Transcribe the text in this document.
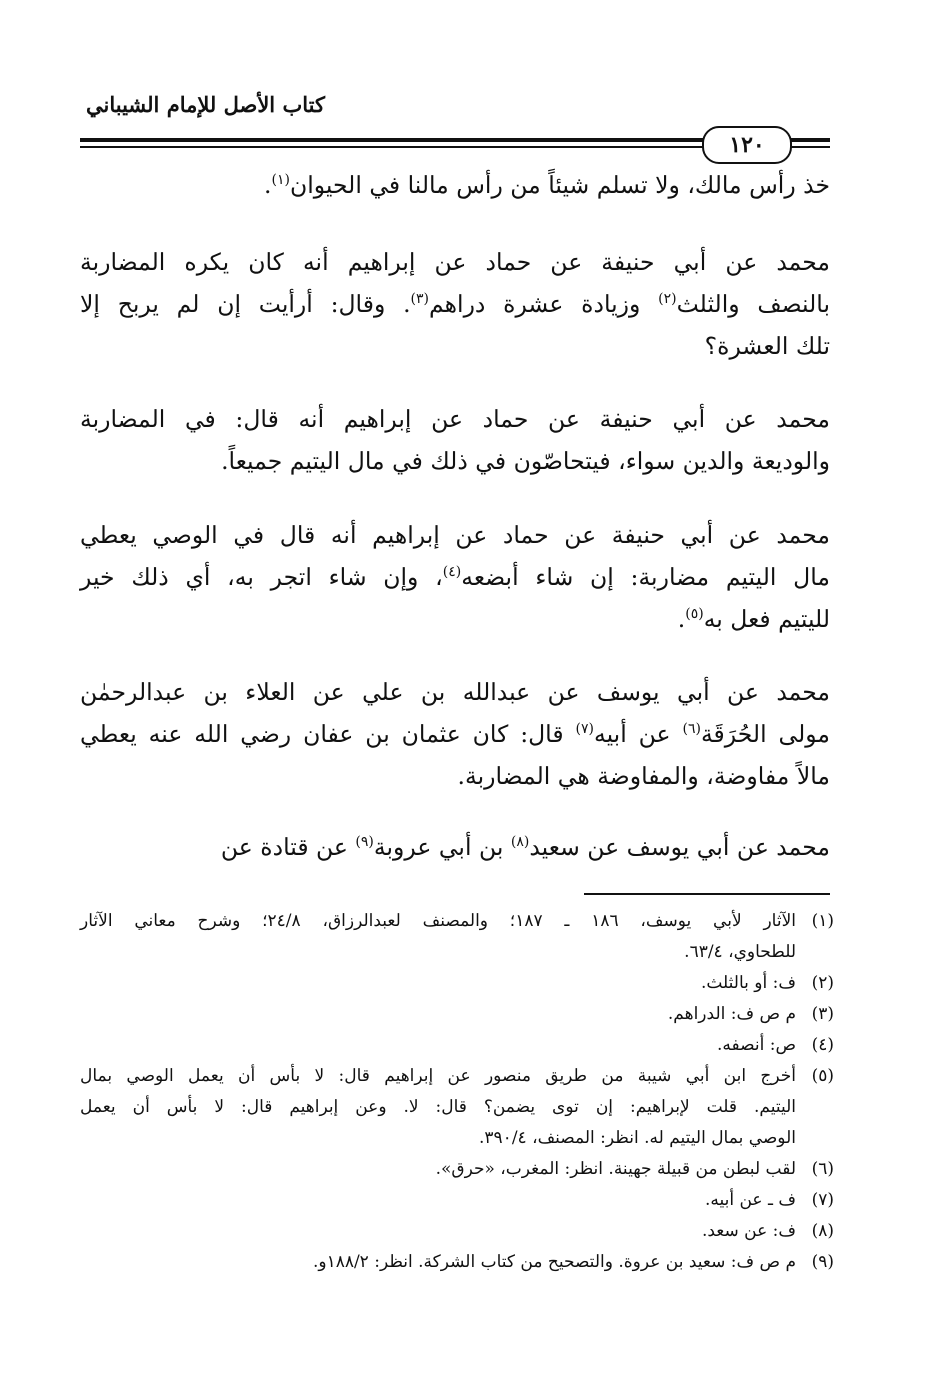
كتاب الأصل للإمام الشيباني
١٢٠
خذ رأس مالك، ولا تسلم شيئاً من رأس مالنا في الحيوان$^{(١)}$.
محمد عن أبي حنيفة عن حماد عن إبراهيم أنه كان يكره المضاربة
بالنصف والثلث$^{(٢)}$ وزيادة عشرة دراهم$^{(٣)}$. وقال: أرأيت إن لم يربح إلا
تلك العشرة؟
محمد عن أبي حنيفة عن حماد عن إبراهيم أنه قال: في المضاربة
والوديعة والدين سواء، فيتحاصّون في ذلك في مال اليتيم جميعاً.
محمد عن أبي حنيفة عن حماد عن إبراهيم أنه قال في الوصي يعطي
مال اليتيم مضاربة: إن شاء أبضعه$^{(٤)}$، وإن شاء اتجر به، أي ذلك خير
لليتيم فعل به$^{(٥)}$.
محمد عن أبي يوسف عن عبدالله بن علي عن العلاء بن عبدالرحمٰن
مولى الحُرَقَة$^{(٦)}$ عن أبيه$^{(٧)}$ قال: كان عثمان بن عفان رضي الله عنه يعطي
مالاً مفاوضة، والمفاوضة هي المضاربة.
محمد عن أبي يوسف عن سعيد$^{(٨)}$ بن أبي عروبة$^{(٩)}$ عن قتادة عن
(١)
الآثار لأبي يوسف، ١٨٦ ـ ١٨٧؛ والمصنف لعبدالرزاق، ٢٤/٨؛ وشرح معاني الآثار
للطحاوي، ٦٣/٤.
(٢)
ف: أو بالثلث.
(٣)
م ص ف: الدراهم.
(٤)
ص: أنصفه.
(٥)
أخرج ابن أبي شيبة من طريق منصور عن إبراهيم قال: لا بأس أن يعمل الوصي بمال
اليتيم. قلت لإبراهيم: إن توى يضمن؟ قال: لا. وعن إبراهيم قال: لا بأس أن يعمل
الوصي بمال اليتيم له. انظر: المصنف، ٣٩٠/٤.
(٦)
لقب لبطن من قبيلة جهينة. انظر: المغرب، «حرق».
(٧)
ف ـ عن أبيه.
(٨)
ف: عن سعد.
(٩)
م ص ف: سعيد بن عروة. والتصحيح من كتاب الشركة. انظر: ١٨٨/٢و.
